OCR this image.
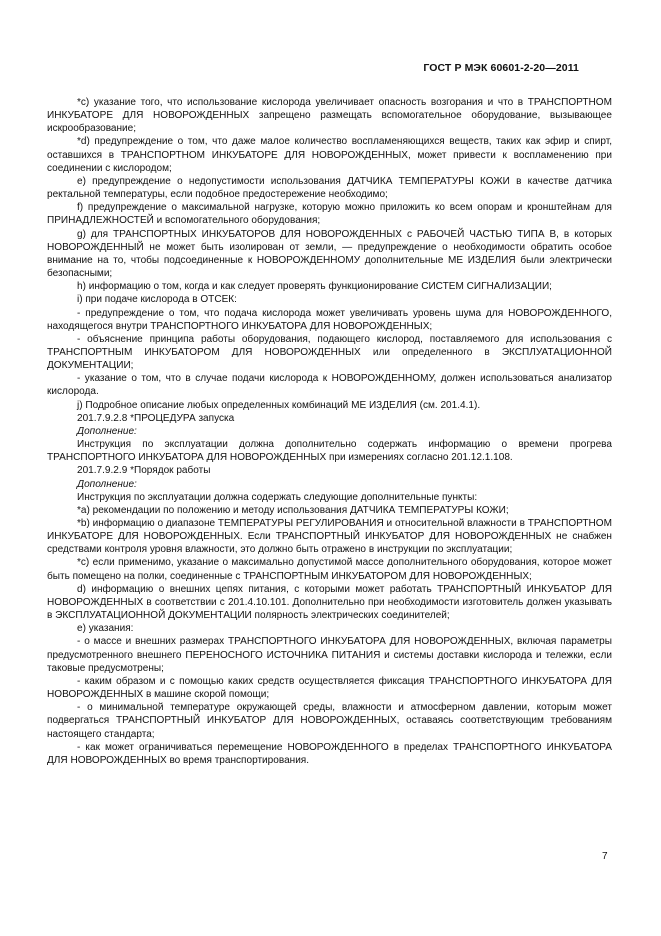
ГОСТ Р МЭК 60601-2-20—2011

*c) указание того, что использование кислорода увеличивает опасность возгорания и что в ТРАНСПОРТНОМ ИНКУБАТОРЕ ДЛЯ НОВОРОЖДЕННЫХ запрещено размещать вспомогательное оборудование, вызывающее искрообразование;

*d) предупреждение о том, что даже малое количество воспламеняющихся веществ, таких как эфир и спирт, оставшихся в ТРАНСПОРТНОМ ИНКУБАТОРЕ ДЛЯ НОВОРОЖДЕННЫХ, может привести к воспламенению при соединении с кислородом;

e) предупреждение о недопустимости использования ДАТЧИКА ТЕМПЕРАТУРЫ КОЖИ в качестве датчика ректальной температуры, если подобное предостережение необходимо;

f) предупреждение о максимальной нагрузке, которую можно приложить ко всем опорам и кронштейнам для ПРИНАДЛЕЖНОСТЕЙ и вспомогательного оборудования;

g) для ТРАНСПОРТНЫХ ИНКУБАТОРОВ ДЛЯ НОВОРОЖДЕННЫХ с РАБОЧЕЙ ЧАСТЬЮ ТИПА В, в которых НОВОРОЖДЕННЫЙ не может быть изолирован от земли, — предупреждение о необходимости обратить особое внимание на то, чтобы подсоединенные к НОВОРОЖДЕННОМУ дополнительные МЕ ИЗДЕЛИЯ были электрически безопасными;

h) информацию о том, когда и как следует проверять функционирование СИСТЕМ СИГНАЛИЗАЦИИ;

i) при подаче кислорода в ОТСЕК:

- предупреждение о том, что подача кислорода может увеличивать уровень шума для НОВОРОЖДЕННОГО, находящегося внутри ТРАНСПОРТНОГО ИНКУБАТОРА ДЛЯ НОВОРОЖДЕННЫХ;

- объяснение принципа работы оборудования, подающего кислород, поставляемого для использования с ТРАНСПОРТНЫМ ИНКУБАТОРОМ ДЛЯ НОВОРОЖДЕННЫХ или определенного в ЭКСПЛУАТАЦИОННОЙ ДОКУМЕНТАЦИИ;

- указание о том, что в случае подачи кислорода к НОВОРОЖДЕННОМУ, должен использоваться анализатор кислорода.

j) Подробное описание любых определенных комбинаций МЕ ИЗДЕЛИЯ (см. 201.4.1).

201.7.9.2.8 *ПРОЦЕДУРА запуска

Дополнение:

Инструкция по эксплуатации должна дополнительно содержать информацию о времени прогрева ТРАНСПОРТНОГО ИНКУБАТОРА ДЛЯ НОВОРОЖДЕННЫХ при измерениях согласно 201.12.1.108.

201.7.9.2.9 *Порядок работы

Дополнение:

Инструкция по эксплуатации должна содержать следующие дополнительные пункты:

*a) рекомендации по положению и методу использования ДАТЧИКА ТЕМПЕРАТУРЫ КОЖИ;

*b) информацию о диапазоне ТЕМПЕРАТУРЫ РЕГУЛИРОВАНИЯ и относительной влажности в ТРАНСПОРТНОМ ИНКУБАТОРЕ ДЛЯ НОВОРОЖДЕННЫХ. Если ТРАНСПОРТНЫЙ ИНКУБАТОР ДЛЯ НОВОРОЖДЕННЫХ не снабжен средствами контроля уровня влажности, это должно быть отражено в инструкции по эксплуатации;

*c) если применимо, указание о максимально допустимой массе дополнительного оборудования, которое может быть помещено на полки, соединенные с ТРАНСПОРТНЫМ ИНКУБАТОРОМ ДЛЯ НОВОРОЖДЕННЫХ;

d) информацию о внешних цепях питания, с которыми может работать ТРАНСПОРТНЫЙ ИНКУБАТОР ДЛЯ НОВОРОЖДЕННЫХ в соответствии с 201.4.10.101. Дополнительно при необходимости изготовитель должен указывать в ЭКСПЛУАТАЦИОННОЙ ДОКУМЕНТАЦИИ полярность электрических соединителей;

e) указания:

- о массе и внешних размерах ТРАНСПОРТНОГО ИНКУБАТОРА ДЛЯ НОВОРОЖДЕННЫХ, включая параметры предусмотренного внешнего ПЕРЕНОСНОГО ИСТОЧНИКА ПИТАНИЯ и системы доставки кислорода и тележки, если таковые предусмотрены;

- каким образом и с помощью каких средств осуществляется фиксация ТРАНСПОРТНОГО ИНКУБАТОРА ДЛЯ НОВОРОЖДЕННЫХ в машине скорой помощи;

- о минимальной температуре окружающей среды, влажности и атмосферном давлении, которым может подвергаться ТРАНСПОРТНЫЙ ИНКУБАТОР ДЛЯ НОВОРОЖДЕННЫХ, оставаясь соответствующим требованиям настоящего стандарта;

- как может ограничиваться перемещение НОВОРОЖДЕННОГО в пределах ТРАНСПОРТНОГО ИНКУБАТОРА ДЛЯ НОВОРОЖДЕННЫХ во время транспортирования.

7
